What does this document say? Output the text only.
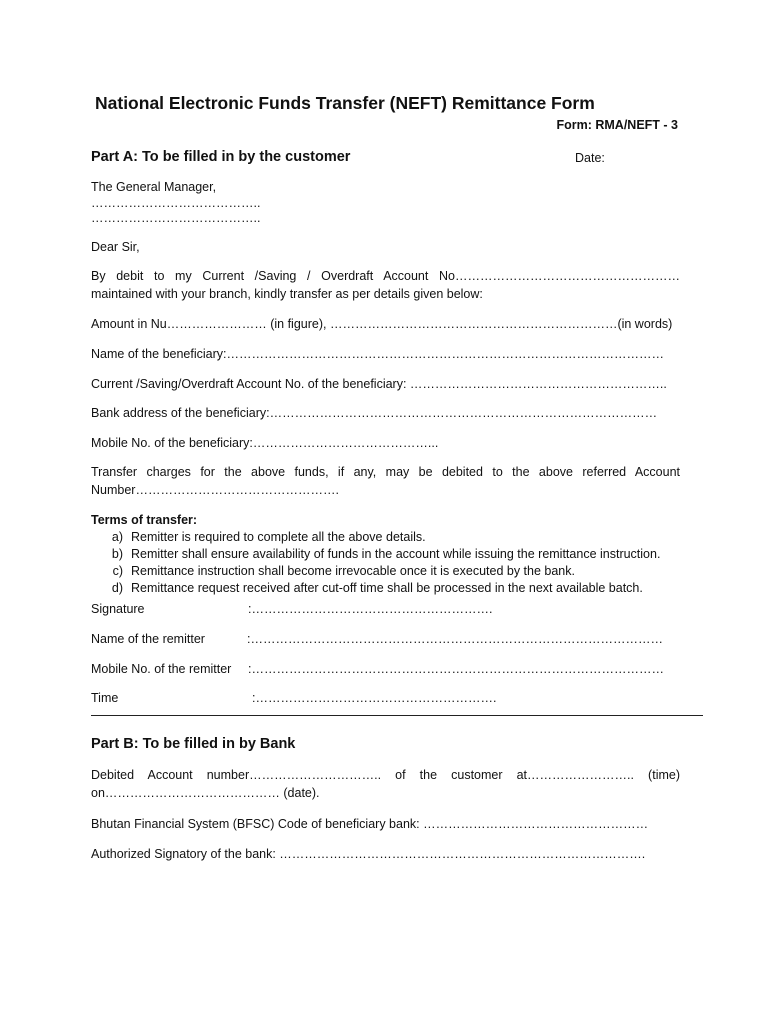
National Electronic Funds Transfer (NEFT) Remittance Form
Form: RMA/NEFT - 3
Part A: To be filled in by the customer	Date:
The General Manager,
…………………………………..
…………………………………..
Dear Sir,
By debit to my Current /Saving / Overdraft Account No………………………………………………
maintained with your branch, kindly transfer as per details given below:
Amount in Nu…………………… (in figure), ……………………………………………………………(in words)
Name of the beneficiary:……………………………………………………………………………………………
Current /Saving/Overdraft Account No. of the beneficiary: ……………………………………………………..
Bank address of the beneficiary:…………………………………………………………………………………
Mobile No. of the beneficiary:……………………………………...
Transfer charges for the above funds, if any, may be debited to the above referred Account
Number………………………………………….
Terms of transfer:
a) Remitter is required to complete all the above details.
b) Remitter shall ensure availability of funds in the account while issuing the remittance instruction.
c) Remittance instruction shall become irrevocable once it is executed by the bank.
d) Remittance request received after cut-off time shall be processed in the next available batch.
Signature	:………………………………………………….
Name of the remitter	:………………………………………………………………………………………
Mobile No. of the remitter :………………………………………………………………………………………
Time	:………………………………………………….
Part B: To be filled in by Bank
Debited Account number………………………….. of the customer at…………………….. (time)
on…………………………………… (date).
Bhutan Financial System (BFSC) Code of beneficiary bank: ………………………………………………
Authorized Signatory of the bank: …………………………………………………………………………….
